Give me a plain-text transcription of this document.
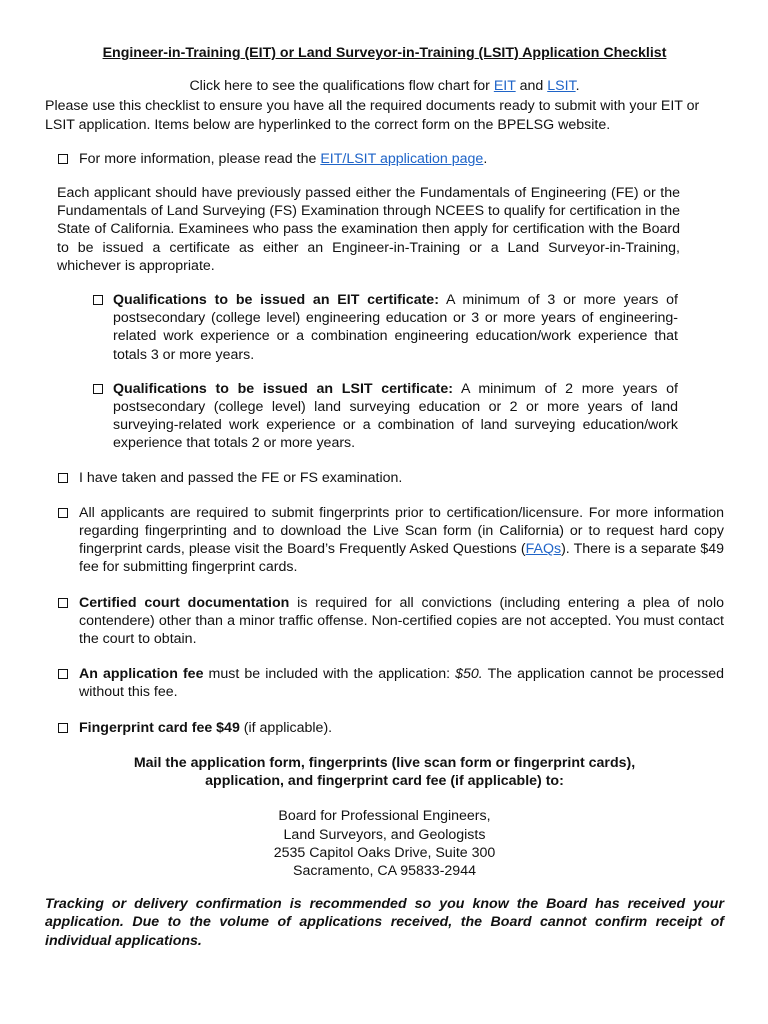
Engineer-in-Training (EIT) or Land Surveyor-in-Training (LSIT) Application Checklist

Click here to see the qualifications flow chart for EIT and LSIT.

Please use this checklist to ensure you have all the required documents ready to submit with your EIT or LSIT application. Items below are hyperlinked to the correct form on the BPELSG website.

For more information, please read the EIT/LSIT application page.

Each applicant should have previously passed either the Fundamentals of Engineering (FE) or the Fundamentals of Land Surveying (FS) Examination through NCEES to qualify for certification in the State of California. Examinees who pass the examination then apply for certification with the Board to be issued a certificate as either an Engineer-in-Training or a Land Surveyor-in-Training, whichever is appropriate.

Qualifications to be issued an EIT certificate: A minimum of 3 or more years of postsecondary (college level) engineering education or 3 or more years of engineering-related work experience or a combination engineering education/work experience that totals 3 or more years.

Qualifications to be issued an LSIT certificate: A minimum of 2 more years of postsecondary (college level) land surveying education or 2 or more years of land surveying-related work experience or a combination of land surveying education/work experience that totals 2 or more years.

I have taken and passed the FE or FS examination.

All applicants are required to submit fingerprints prior to certification/licensure. For more information regarding fingerprinting and to download the Live Scan form (in California) or to request hard copy fingerprint cards, please visit the Board’s Frequently Asked Questions (FAQs). There is a separate $49 fee for submitting fingerprint cards.

Certified court documentation is required for all convictions (including entering a plea of nolo contendere) other than a minor traffic offense. Non-certified copies are not accepted. You must contact the court to obtain.

An application fee must be included with the application: $50. The application cannot be processed without this fee.

Fingerprint card fee $49 (if applicable).

Mail the application form, fingerprints (live scan form or fingerprint cards),

application, and fingerprint card fee (if applicable) to:

Board for Professional Engineers,

Land Surveyors, and Geologists

2535 Capitol Oaks Drive, Suite 300

Sacramento, CA 95833-2944

Tracking or delivery confirmation is recommended so you know the Board has received your application. Due to the volume of applications received, the Board cannot confirm receipt of individual applications.
